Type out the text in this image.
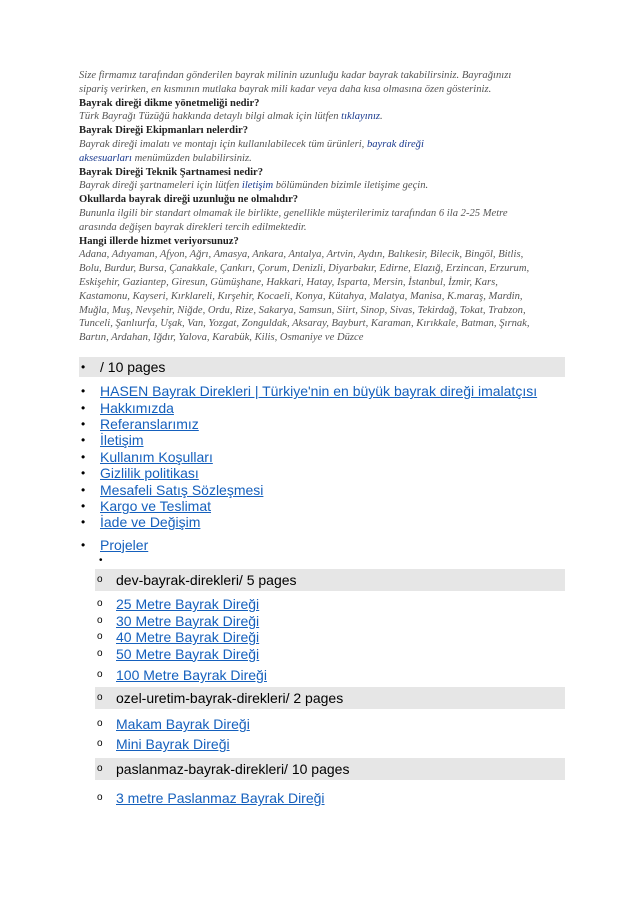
Size firmamız tarafından gönderilen bayrak milinin uzunluğu kadar bayrak takabilirsiniz. Bayrağınızı

sipariş verirken, en kısmının mutlaka bayrak mili kadar veya daha kısa olmasına özen gösteriniz.

Bayrak direği dikme yönetmeliği nedir?

Türk Bayrağı Tüzüğü hakkında detaylı bilgi almak için lütfen tıklayınız.

Bayrak Direği Ekipmanları nelerdir?

Bayrak direği imalatı ve montajı için kullanılabilecek tüm ürünleri, bayrak direği

aksesuarları menümüzden bulabilirsiniz.

Bayrak Direği Teknik Şartnamesi nedir?

Bayrak direği şartnameleri için lütfen iletişim bölümünden bizimle iletişime geçin.

Okullarda bayrak direği uzunluğu ne olmalıdır?

Bununla ilgili bir standart olmamak ile birlikte, genellikle müşterilerimiz tarafından 6 ila 2-25 Metre

arasında değişen bayrak direkleri tercih edilmektedir.

Hangi illerde hizmet veriyorsunuz?

Adana, Adıyaman, Afyon, Ağrı, Amasya, Ankara, Antalya, Artvin, Aydın, Balıkesir, Bilecik, Bingöl, Bitlis,

Bolu, Burdur, Bursa, Çanakkale, Çankırı, Çorum, Denizli, Diyarbakır, Edirne, Elazığ, Erzincan, Erzurum,

Eskişehir, Gaziantep, Giresun, Gümüşhane, Hakkari, Hatay, Isparta, Mersin, İstanbul, İzmir, Kars,

Kastamonu, Kayseri, Kırklareli, Kırşehir, Kocaeli, Konya, Kütahya, Malatya, Manisa, K.maraş, Mardin,

Muğla, Muş, Nevşehir, Niğde, Ordu, Rize, Sakarya, Samsun, Siirt, Sinop, Sivas, Tekirdağ, Tokat, Trabzon,

Tunceli, Şanlıurfa, Uşak, Van, Yozgat, Zonguldak, Aksaray, Bayburt, Karaman, Kırıkkale, Batman, Şırnak,

Bartın, Ardahan, Iğdır, Yalova, Karabük, Kilis, Osmaniye ve Düzce

•	/ 10 pages
•	HASEN Bayrak Direkleri | Türkiye'nin en büyük bayrak direği imalatçısı
•	Hakkımızda
•	Referanslarımız
•	İletişim
•	Kullanım Koşulları
•	Gizlilik politikası
•	Mesafeli Satış Sözleşmesi
•	Kargo ve Teslimat
•	İade ve Değişim
•	Projeler
•
o dev-bayrak-direkleri/ 5 pages
o 25 Metre Bayrak Direği
o 30 Metre Bayrak Direği
o 40 Metre Bayrak Direği
o 50 Metre Bayrak Direği
o 100 Metre Bayrak Direği
o ozel-uretim-bayrak-direkleri/ 2 pages
o Makam Bayrak Direği
o Mini Bayrak Direği
o paslanmaz-bayrak-direkleri/ 10 pages
o 3 metre Paslanmaz Bayrak Direği
